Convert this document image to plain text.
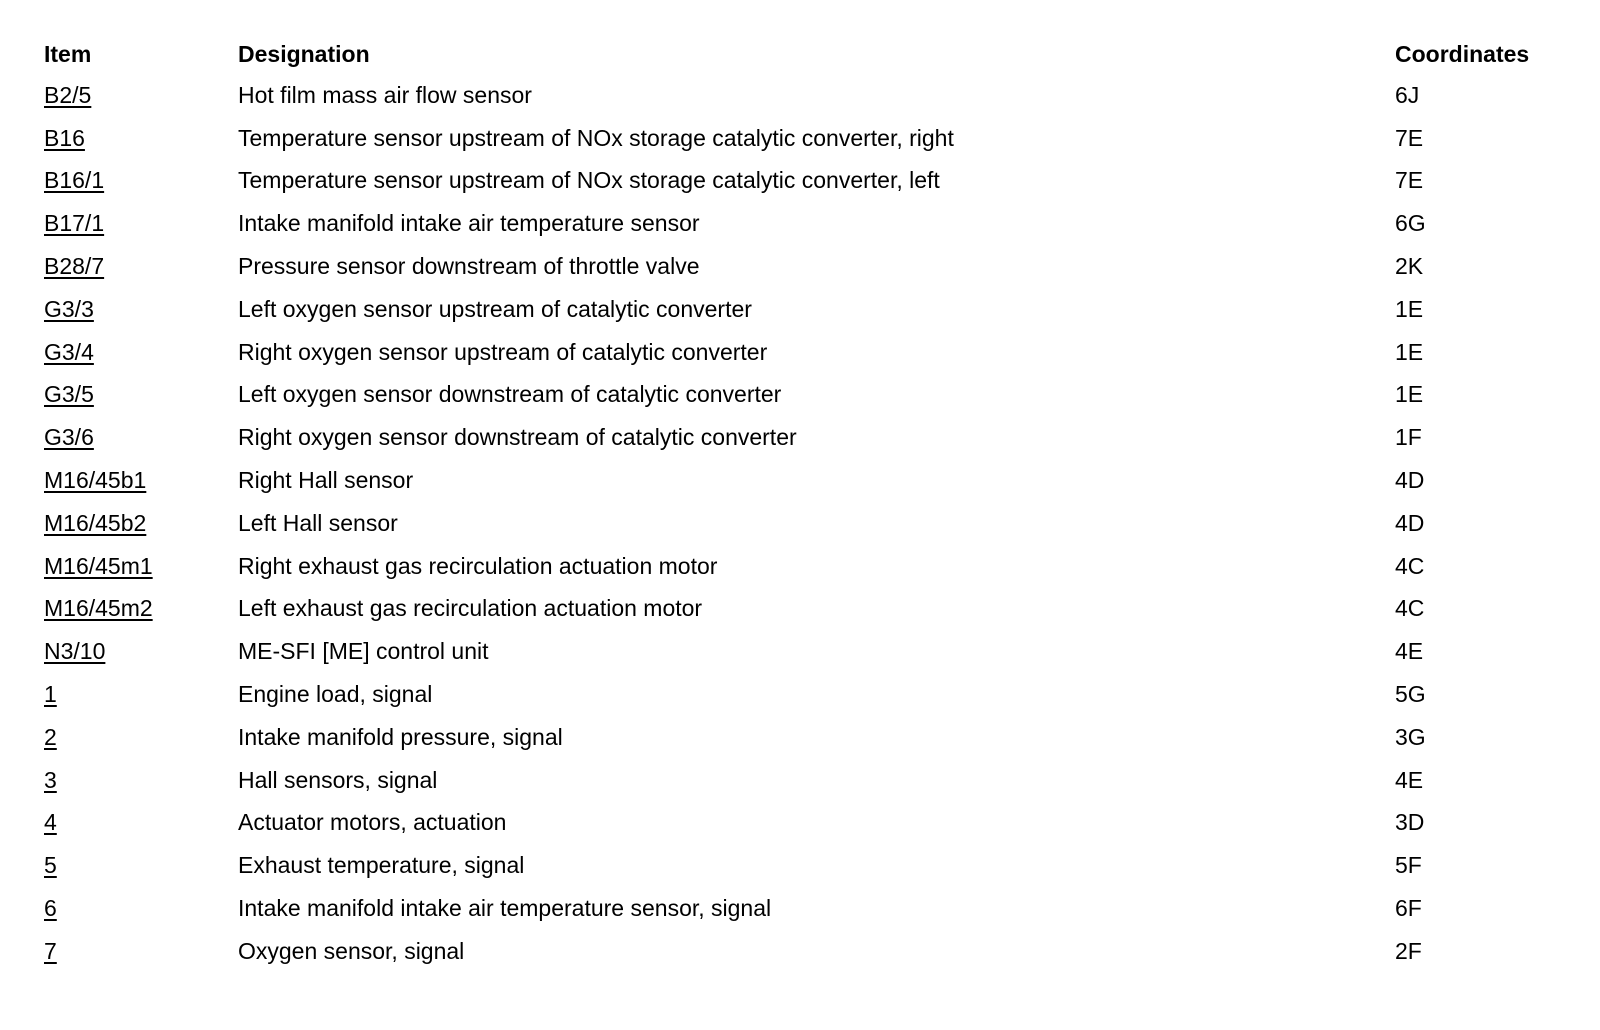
Item	Designation	Coordinates
B2/5	Hot film mass air flow sensor	6J
B16	Temperature sensor upstream of NOx storage catalytic converter, right	7E
B16/1	Temperature sensor upstream of NOx storage catalytic converter, left	7E
B17/1	Intake manifold intake air temperature sensor	6G
B28/7	Pressure sensor downstream of throttle valve	2K
G3/3	Left oxygen sensor upstream of catalytic converter	1E
G3/4	Right oxygen sensor upstream of catalytic converter	1E
G3/5	Left oxygen sensor downstream of catalytic converter	1E
G3/6	Right oxygen sensor downstream of catalytic converter	1F
M16/45b1	Right Hall sensor	4D
M16/45b2	Left Hall sensor	4D
M16/45m1	Right exhaust gas recirculation actuation motor	4C
M16/45m2	Left exhaust gas recirculation actuation motor	4C
N3/10	ME-SFI [ME] control unit	4E
1	Engine load, signal	5G
2	Intake manifold pressure, signal	3G
3	Hall sensors, signal	4E
4	Actuator motors, actuation	3D
5	Exhaust temperature, signal	5F
6	Intake manifold intake air temperature sensor, signal	6F
7	Oxygen sensor, signal	2F
